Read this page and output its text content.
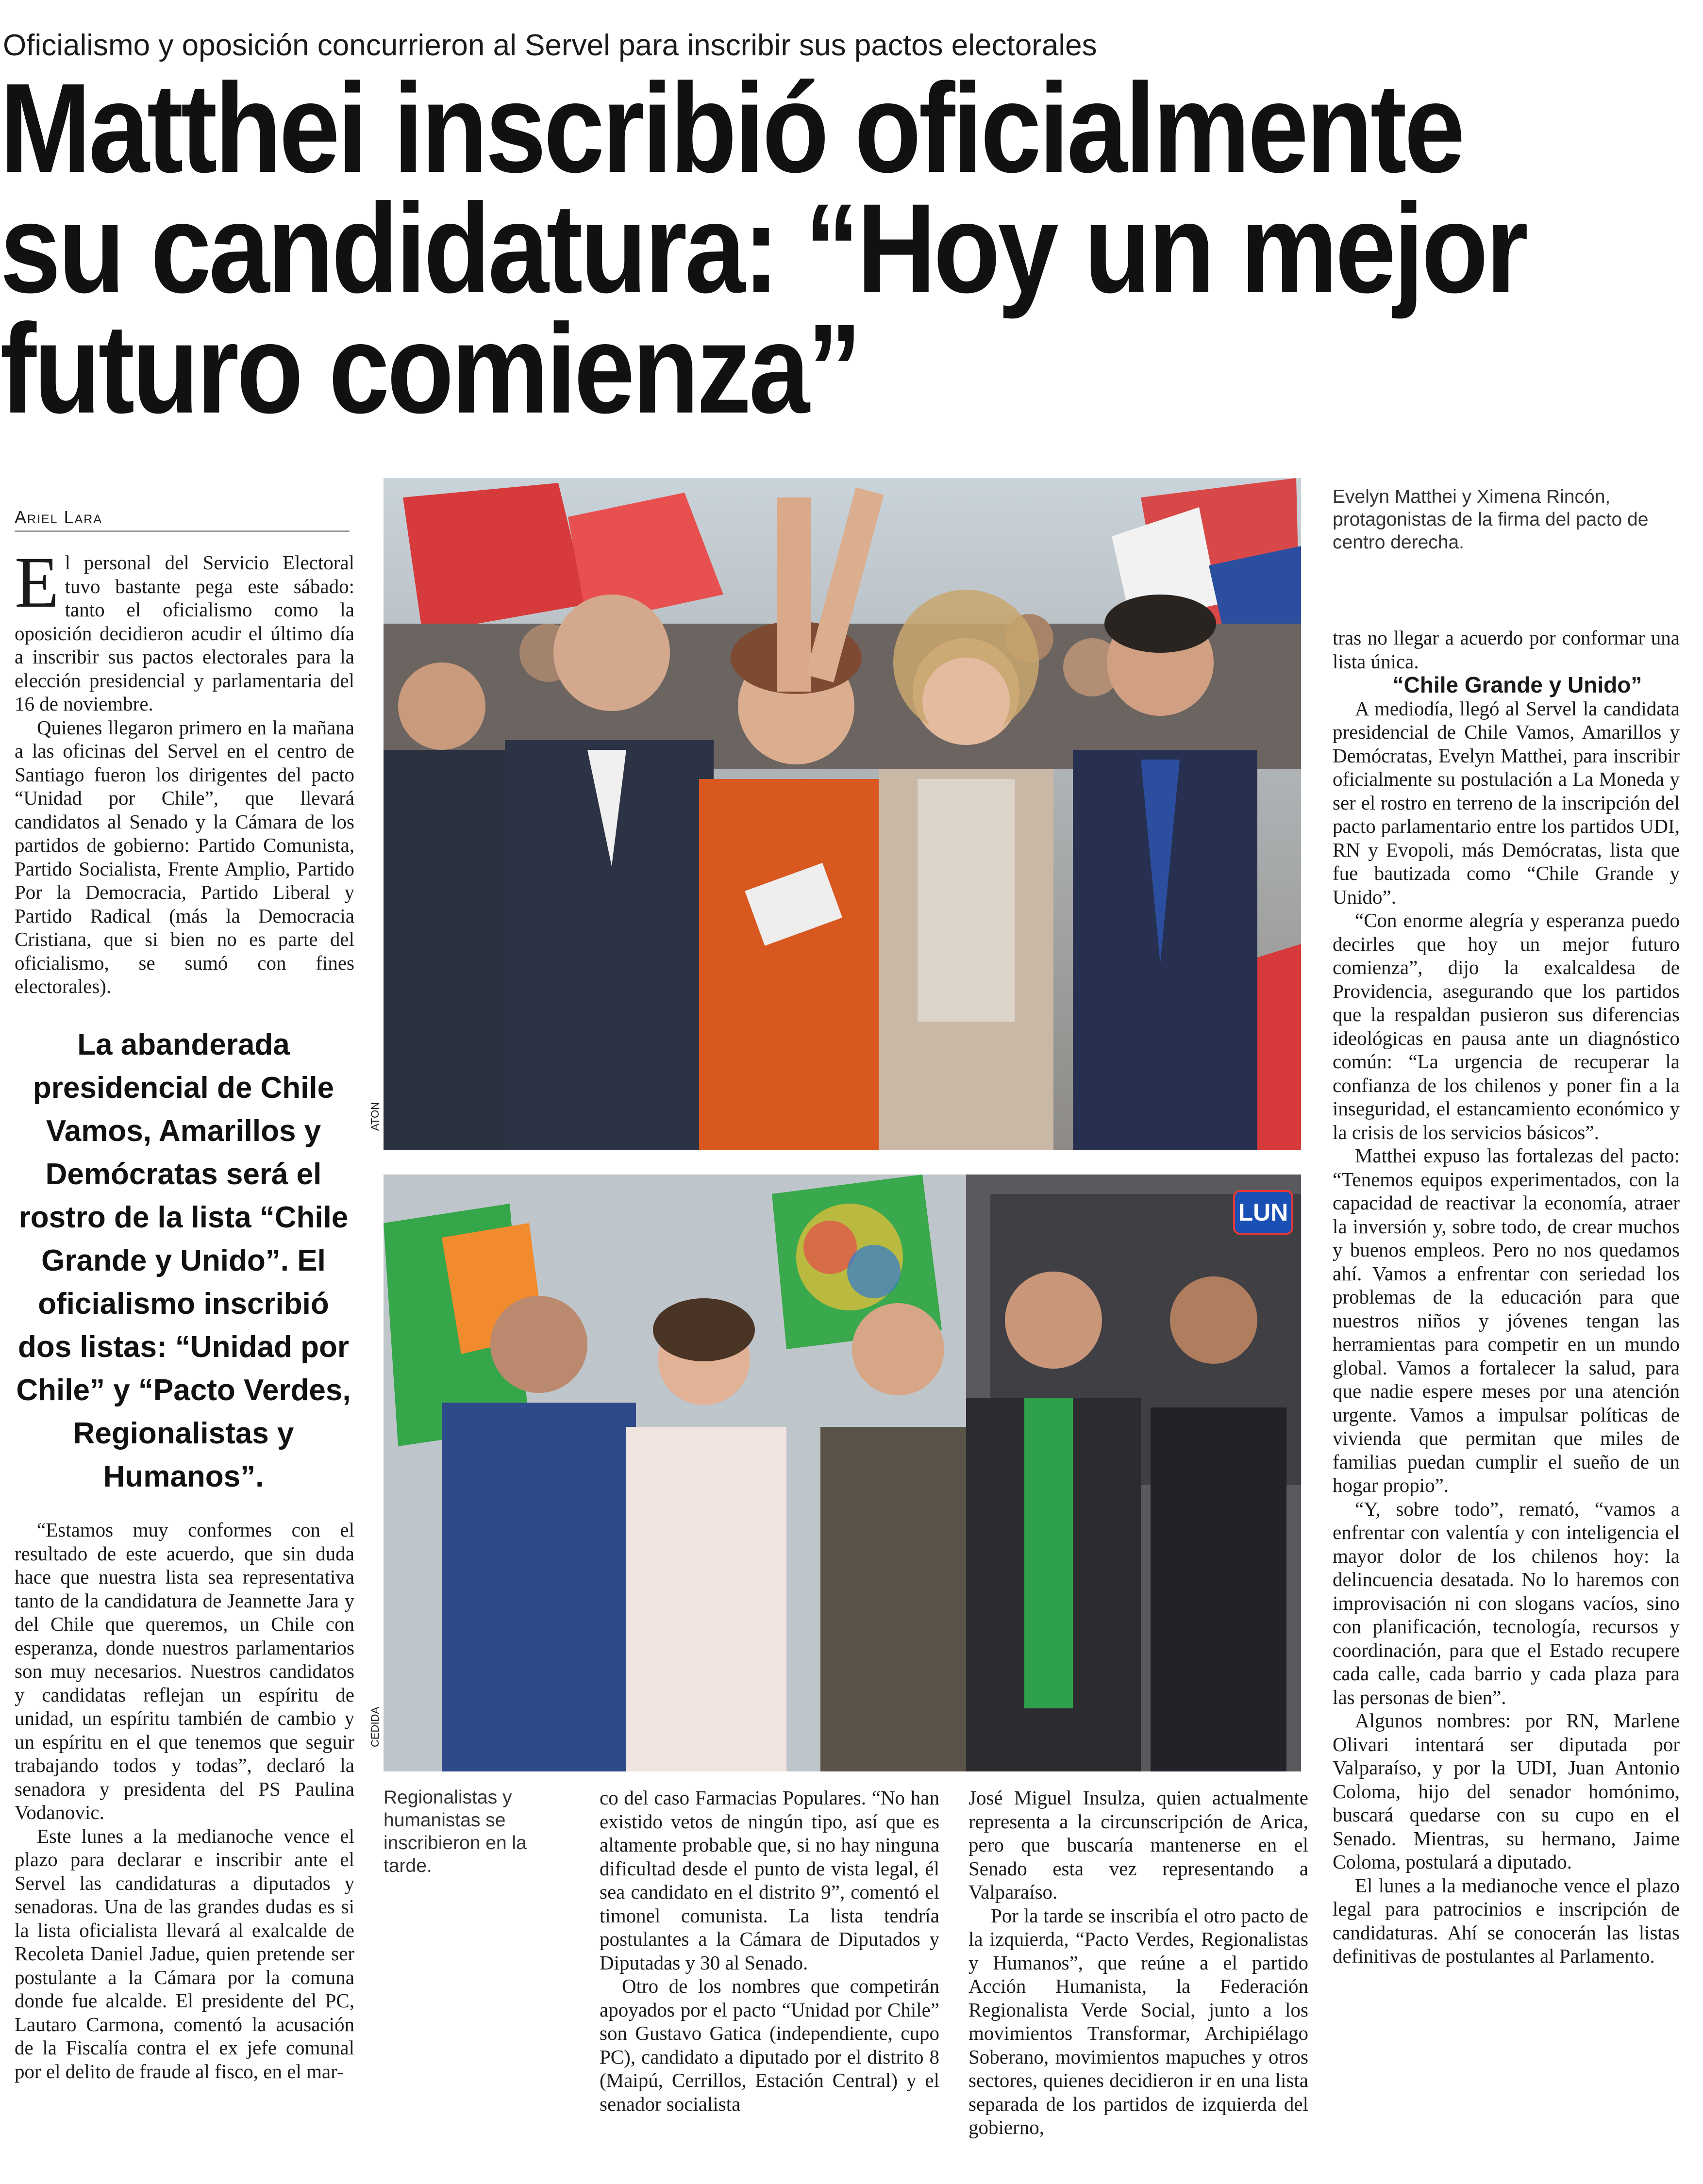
Oficialismo y oposición concurrieron al Servel para inscribir sus pactos electorales
Matthei inscribió oficialmente
su candidatura: “Hoy un mejor
futuro comienza”
Ariel Lara

El personal del Servicio Electoral tuvo bastante pega este sábado: tanto el oficialismo como la oposición decidieron acudir el último día a inscribir sus pactos electorales para la elección presidencial y parlamentaria del 16 de noviembre.

Quienes llegaron primero en la mañana a las oficinas del Servel en el centro de Santiago fueron los dirigentes del pacto “Unidad por Chile”, que llevará candidatos al Senado y la Cámara de los partidos de gobierno: Partido Comunista, Partido Socialista, Frente Amplio, Partido Por la Democracia, Partido Liberal y Partido Radical (más la Democracia Cristiana, que si bien no es parte del oficialismo, se sumó con fines electorales).

La abanderada presidencial de Chile Vamos, Amarillos y Demócratas será el rostro de la lista “Chile Grande y Unido”. El oficialismo inscribió dos listas: “Unidad por Chile” y “Pacto Verdes, Regionalistas y Humanos”.

“Estamos muy conformes con el resultado de este acuerdo, que sin duda hace que nuestra lista sea representativa tanto de la candidatura de Jeannette Jara y del Chile que queremos, un Chile con esperanza, donde nuestros parlamentarios son muy necesarios. Nuestros candidatos y candidatas reflejan un espíritu de unidad, un espíritu también de cambio y un espíritu en el que tenemos que seguir trabajando todos y todas”, declaró la senadora y presidenta del PS Paulina Vodanovic.

Este lunes a la medianoche vence el plazo para declarar e inscribir ante el Servel las candidaturas a diputados y senadoras. Una de las grandes dudas es si la lista oficialista llevará al exalcalde de Recoleta Daniel Jadue, quien pretende ser postulante a la Cámara por la comuna donde fue alcalde. El presidente del PC, Lautaro Carmona, comentó la acusación de la Fiscalía contra el ex jefe comunal por el delito de fraude al fisco, en el mar-

ATON
Evelyn Matthei y Ximena Rincón, protagonistas de la firma del pacto de centro derecha.
CEDIDA
LUN
Regionalistas y humanistas se inscribieron en la tarde.

co del caso Farmacias Populares. “No han existido vetos de ningún tipo, así que es altamente probable que, si no hay ninguna dificultad desde el punto de vista legal, él sea candidato en el distrito 9”, comentó el timonel comunista. La lista tendría postulantes a la Cámara de Diputados y Diputadas y 30 al Senado.

Otro de los nombres que competirán apoyados por el pacto “Unidad por Chile” son Gustavo Gatica (independiente, cupo PC), candidato a diputado por el distrito 8 (Maipú, Cerrillos, Estación Central) y el senador socialista

José Miguel Insulza, quien actualmente representa a la circunscripción de Arica, pero que buscaría mantenerse en el Senado esta vez representando a Valparaíso.

Por la tarde se inscribía el otro pacto de la izquierda, “Pacto Verdes, Regionalistas y Humanos”, que reúne a el partido Acción Humanista, la Federación Regionalista Verde Social, junto a los movimientos Transformar, Archipiélago Soberano, movimientos mapuches y otros sectores, quienes decidieron ir en una lista separada de los partidos de izquierda del gobierno,

tras no llegar a acuerdo por conformar una lista única.

“Chile Grande y Unido”

A mediodía, llegó al Servel la candidata presidencial de Chile Vamos, Amarillos y Demócratas, Evelyn Matthei, para inscribir oficialmente su postulación a La Moneda y ser el rostro en terreno de la inscripción del pacto parlamentario entre los partidos UDI, RN y Evopoli, más Demócratas, lista que fue bautizada como “Chile Grande y Unido”.

“Con enorme alegría y esperanza puedo decirles que hoy un mejor futuro comienza”, dijo la exalcaldesa de Providencia, asegurando que los partidos que la respaldan pusieron sus diferencias ideológicas en pausa ante un diagnóstico común: “La urgencia de recuperar la confianza de los chilenos y poner fin a la inseguridad, el estancamiento económico y la crisis de los servicios básicos”.

Matthei expuso las fortalezas del pacto: “Tenemos equipos experimentados, con la capacidad de reactivar la economía, atraer la inversión y, sobre todo, de crear muchos y buenos empleos. Pero no nos quedamos ahí. Vamos a enfrentar con seriedad los problemas de la educación para que nuestros niños y jóvenes tengan las herramientas para competir en un mundo global. Vamos a fortalecer la salud, para que nadie espere meses por una atención urgente. Vamos a impulsar políticas de vivienda que permitan que miles de familias puedan cumplir el sueño de un hogar propio”.

“Y, sobre todo”, remató, “vamos a enfrentar con valentía y con inteligencia el mayor dolor de los chilenos hoy: la delincuencia desatada. No lo haremos con improvisación ni con slogans vacíos, sino con planificación, tecnología, recursos y coordinación, para que el Estado recupere cada calle, cada barrio y cada plaza para las personas de bien”.

Algunos nombres: por RN, Marlene Olivari intentará ser diputada por Valparaíso, y por la UDI, Juan Antonio Coloma, hijo del senador homónimo, buscará quedarse con su cupo en el Senado. Mientras, su hermano, Jaime Coloma, postulará a diputado.

El lunes a la medianoche vence el plazo legal para patrocinios e inscripción de candidaturas. Ahí se conocerán las listas definitivas de postulantes al Parlamento.
